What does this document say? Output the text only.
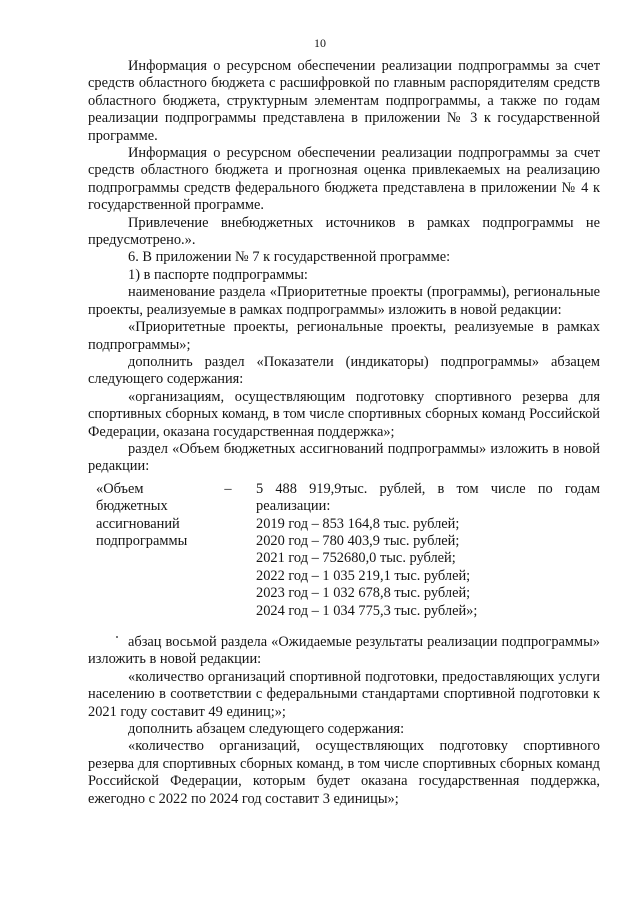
10

Информация о ресурсном обеспечении реализации подпрограммы за счет средств областного бюджета с расшифровкой по главным распорядителям средств областного бюджета, структурным элементам подпрограммы, а также по годам реализации подпрограммы представлена в приложении № 3 к государственной программе.

Информация о ресурсном обеспечении реализации подпрограммы за счет средств областного бюджета и прогнозная оценка привлекаемых на реализацию подпрограммы средств федерального бюджета представлена в приложении № 4 к государственной программе.

Привлечение внебюджетных источников в рамках подпрограммы не предусмотрено.».

6. В приложении № 7 к государственной программе:

1) в паспорте подпрограммы:

наименование раздела «Приоритетные проекты (программы), региональные проекты, реализуемые в рамках подпрограммы» изложить в новой редакции:

«Приоритетные проекты, региональные проекты, реализуемые в рамках подпрограммы»;

дополнить раздел «Показатели (индикаторы) подпрограммы» абзацем следующего содержания:

«организациям, осуществляющим подготовку спортивного резерва для спортивных сборных команд, в том числе спортивных сборных команд Российской Федерации, оказана государственная поддержка»;

раздел «Объем бюджетных ассигнований подпрограммы» изложить в новой редакции:

«Объем бюджетных
ассигнований
подпрограммы
–	5 488 919,9тыс. рублей, в том числе по годам
реализации:
2019 год – 853 164,8 тыс. рублей;
2020 год – 780 403,9 тыс. рублей;
2021 год – 752680,0 тыс. рублей;
2022 год – 1 035 219,1 тыс. рублей;
2023 год – 1 032 678,8 тыс. рублей;
2024 год – 1 034 775,3 тыс. рублей»;

абзац восьмой раздела «Ожидаемые результаты реализации подпрограммы» изложить в новой редакции:

«количество организаций спортивной подготовки, предоставляющих услуги населению в соответствии с федеральными стандартами спортивной подготовки к 2021 году составит 49 единиц;»;

дополнить абзацем следующего содержания:

«количество организаций, осуществляющих подготовку спортивного резерва для спортивных сборных команд, в том числе спортивных сборных команд Российской Федерации, которым будет оказана государственная поддержка, ежегодно с 2022 по 2024 год составит 3 единицы»;
